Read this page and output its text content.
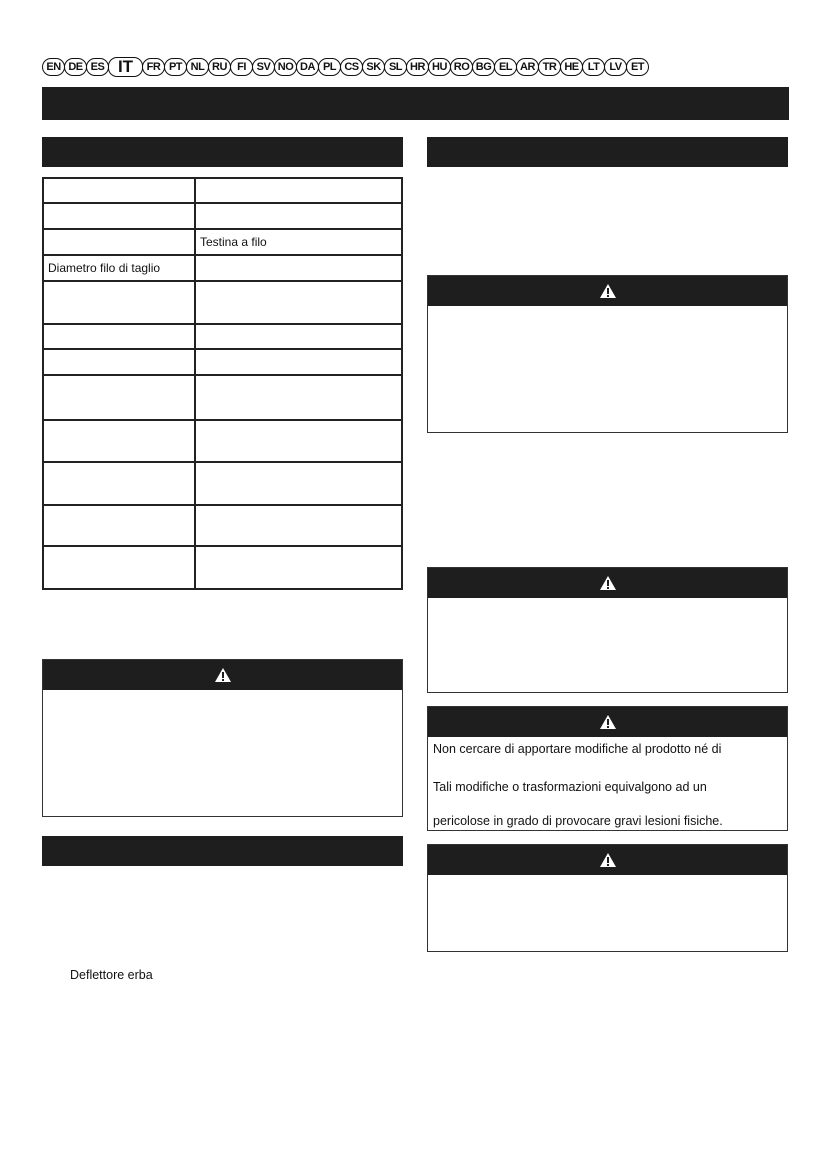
EN DE ES IT	FR PT NL RU FI SV NO DA PL CS SK SL HR HU RO BG EL AR TR HE LT LV ET

	Testina a filo
Diametro filo di taglio	

Deflettore erba

Non cercare di apportare modifiche al prodotto né di

Tali modifiche o trasformazioni equivalgono ad un

pericolose in grado di provocare gravi lesioni fisiche.
